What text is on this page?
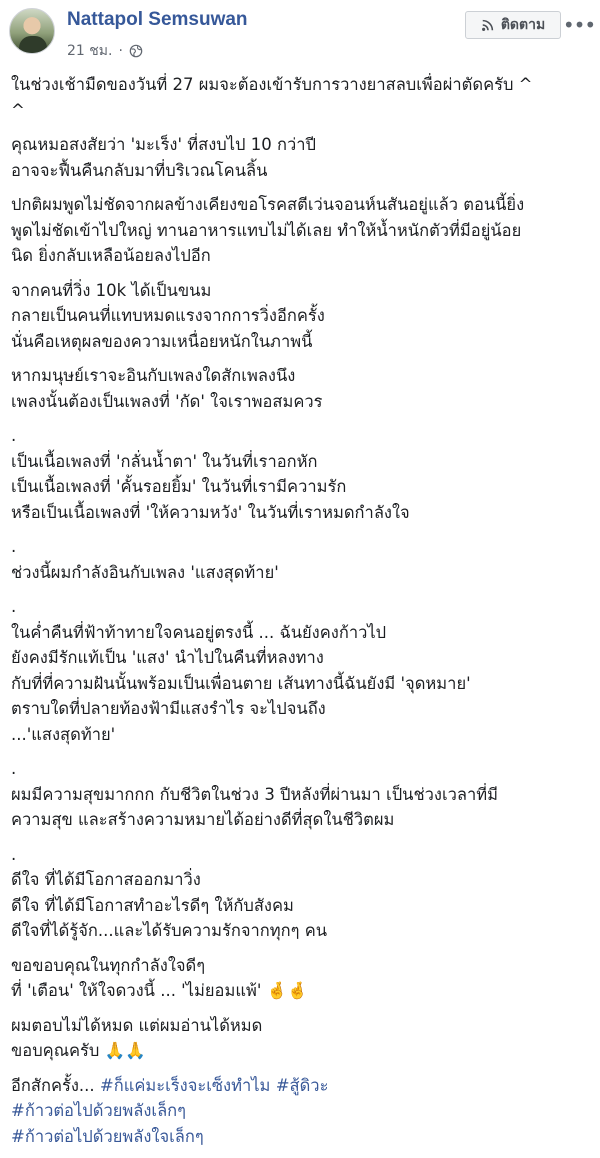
Nattapol Semsuwan
21 ชม. ·
ติดตาม •••

ในช่วงเช้ามืดของวันที่ 27 ผมจะต้องเข้ารับการวางยาสลบเพื่อผ่าตัดครับ ^
^

คุณหมอสงสัยว่า 'มะเร็ง' ที่สงบไป 10 กว่าปี
อาจจะฟื้นคืนกลับมาที่บริเวณโคนลิ้น

ปกติผมพูดไม่ชัดจากผลข้างเคียงขอโรคสตีเว่นจอนห์นสันอยู่แล้ว ตอนนี้ยิ่ง
พูดไม่ชัดเข้าไปใหญ่ ทานอาหารแทบไม่ได้เลย ทำให้น้ำหนักตัวที่มีอยู่น้อย
นิด ยิ่งกลับเหลือน้อยลงไปอีก

จากคนที่วิ่ง 10k ได้เป็นขนม
กลายเป็นคนที่แทบหมดแรงจากการวิ่งอีกครั้ง
นั่นคือเหตุผลของความเหนื่อยหนักในภาพนี้

หากมนุษย์เราจะอินกับเพลงใดสักเพลงนึง
เพลงนั้นต้องเป็นเพลงที่ 'กัด' ใจเราพอสมควร

.
เป็นเนื้อเพลงที่ 'กลั่นน้ำตา' ในวันที่เราอกหัก
เป็นเนื้อเพลงที่ 'คั้นรอยยิ้ม' ในวันที่เรามีความรัก
หรือเป็นเนื้อเพลงที่ 'ให้ความหวัง' ในวันที่เราหมดกำลังใจ

.
ช่วงนี้ผมกำลังอินกับเพลง 'แสงสุดท้าย'

.
ในค่ำคืนที่ฟ้าท้าทายใจคนอยู่ตรงนี้ ... ฉันยังคงก้าวไป
ยังคงมีรักแท้เป็น 'แสง' นำไปในคืนที่หลงทาง
กับที่ที่ความฝันนั้นพร้อมเป็นเพื่อนตาย เส้นทางนี้ฉันยังมี 'จุดหมาย'
ตราบใดที่ปลายท้องฟ้ามีแสงรำไร จะไปจนถึง
...'แสงสุดท้าย'

.
ผมมีความสุขมากกก กับชีวิตในช่วง 3 ปีหลังที่ผ่านมา เป็นช่วงเวลาที่มี
ความสุข และสร้างความหมายได้อย่างดีที่สุดในชีวิตผม

.
ดีใจ ที่ได้มีโอกาสออกมาวิ่ง
ดีใจ ที่ได้มีโอกาสทำอะไรดีๆ ให้กับสังคม
ดีใจที่ได้รู้จัก...และได้รับความรักจากทุกๆ คน

ขอขอบคุณในทุกกำลังใจดีๆ
ที่ 'เตือน' ให้ใจดวงนี้ ... 'ไม่ยอมแพ้' 🤞🤞

ผมตอบไม่ได้หมด แต่ผมอ่านได้หมด
ขอบคุณครับ 🙏🙏

อีกสักครั้ง... #ก็แค่มะเร็งจะเซ็งทำไม #สู้ดิวะ
#ก้าวต่อไปด้วยพลังเล็กๆ
#ก้าวต่อไปด้วยพลังใจเล็กๆ
